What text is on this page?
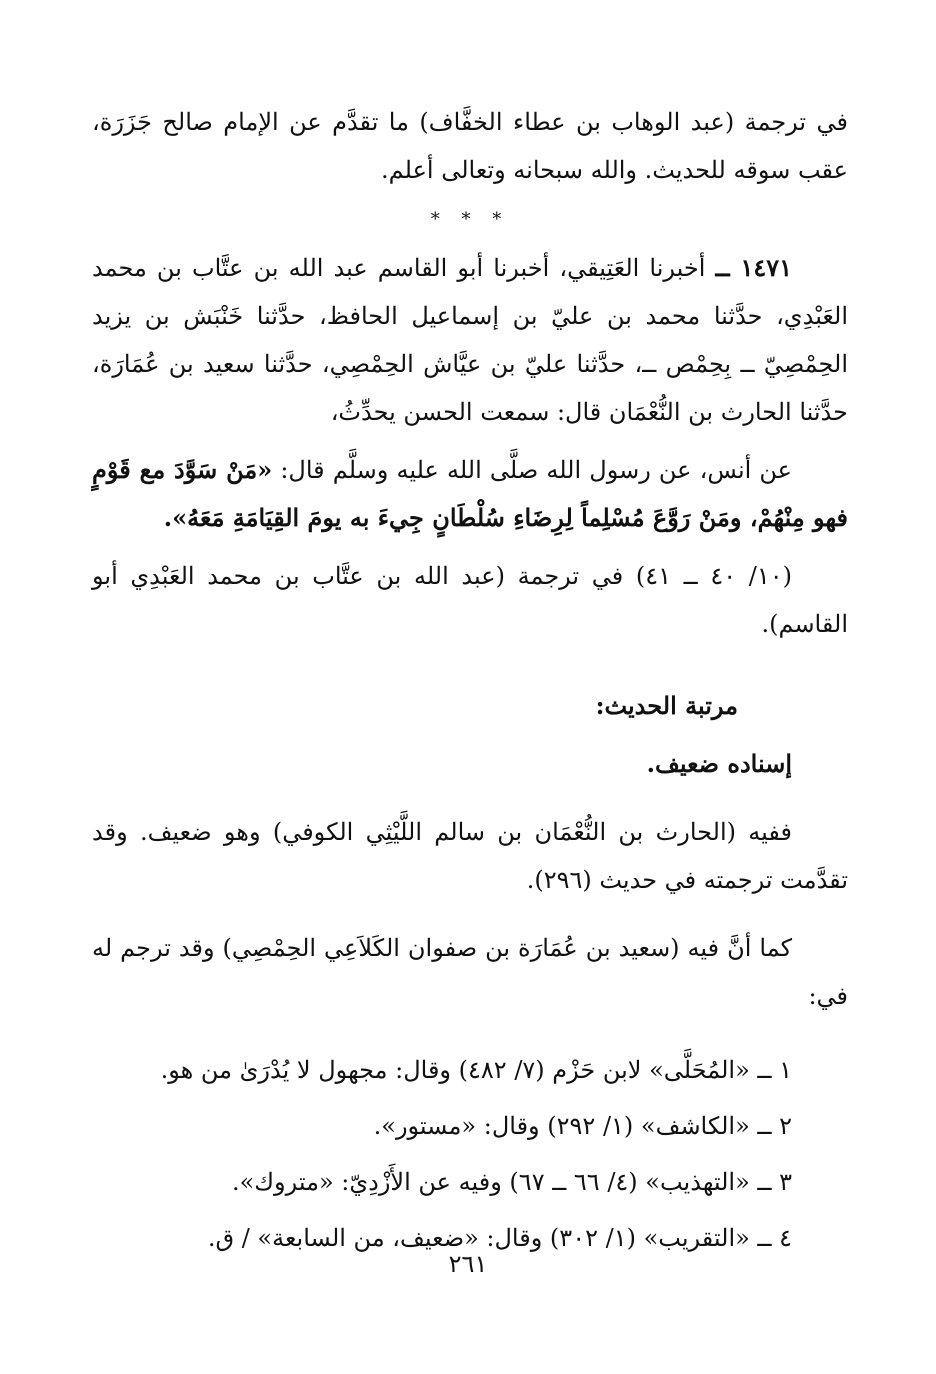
في ترجمة (عبد الوهاب بن عطاء الخفَّاف) ما تقدَّم عن الإمام صالح جَزَرَة، عقب سوقه للحديث. والله سبحانه وتعالى أعلم.

* * *

١٤٧١ ــ أخبرنا العَتِيقي، أخبرنا أبو القاسم عبد الله بن عتَّاب بن محمد العَبْدِي، حدَّثنا محمد بن عليّ بن إسماعيل الحافظ، حدَّثنا خَنْبَش بن يزيد الحِمْصِيّ ــ بِحِمْص ــ، حدَّثنا عليّ بن عيَّاش الحِمْصِي، حدَّثنا سعيد بن عُمَارَة، حدَّثنا الحارث بن النُّعْمَان قال: سمعت الحسن يحدِّثُ،

عن أنس، عن رسول الله صلَّى الله عليه وسلَّم قال: «مَنْ سَوَّدَ مع قَوْمٍ فهو مِنْهُمْ، ومَنْ رَوَّعَ مُسْلِماً لِرِضَاءِ سُلْطَانٍ جِيءَ به يومَ القِيَامَةِ مَعَهُ».

(١٠/ ٤٠ ــ ٤١) في ترجمة (عبد الله بن عتَّاب بن محمد العَبْدِي أبو القاسم).

مرتبة الحديث:
إسناده ضعيف.

ففيه (الحارث بن النُّعْمَان بن سالم اللَّيْثِي الكوفي) وهو ضعيف. وقد تقدَّمت ترجمته في حديث (٢٩٦).

كما أنَّ فيه (سعيد بن عُمَارَة بن صفوان الكَلاَعِي الحِمْصِي) وقد ترجم له في:

١ ــ «المُحَلَّى» لابن حَزْم (٧/ ٤٨٢) وقال: مجهول لا يُدْرَىٰ من هو.
٢ ــ «الكاشف» (١/ ٢٩٢) وقال: «مستور».
٣ ــ «التهذيب» (٤/ ٦٦ ــ ٦٧) وفيه عن الأَزْدِيّ: «متروك».
٤ ــ «التقريب» (١/ ٣٠٢) وقال: «ضعيف، من السابعة» / ق.
٢٦١
